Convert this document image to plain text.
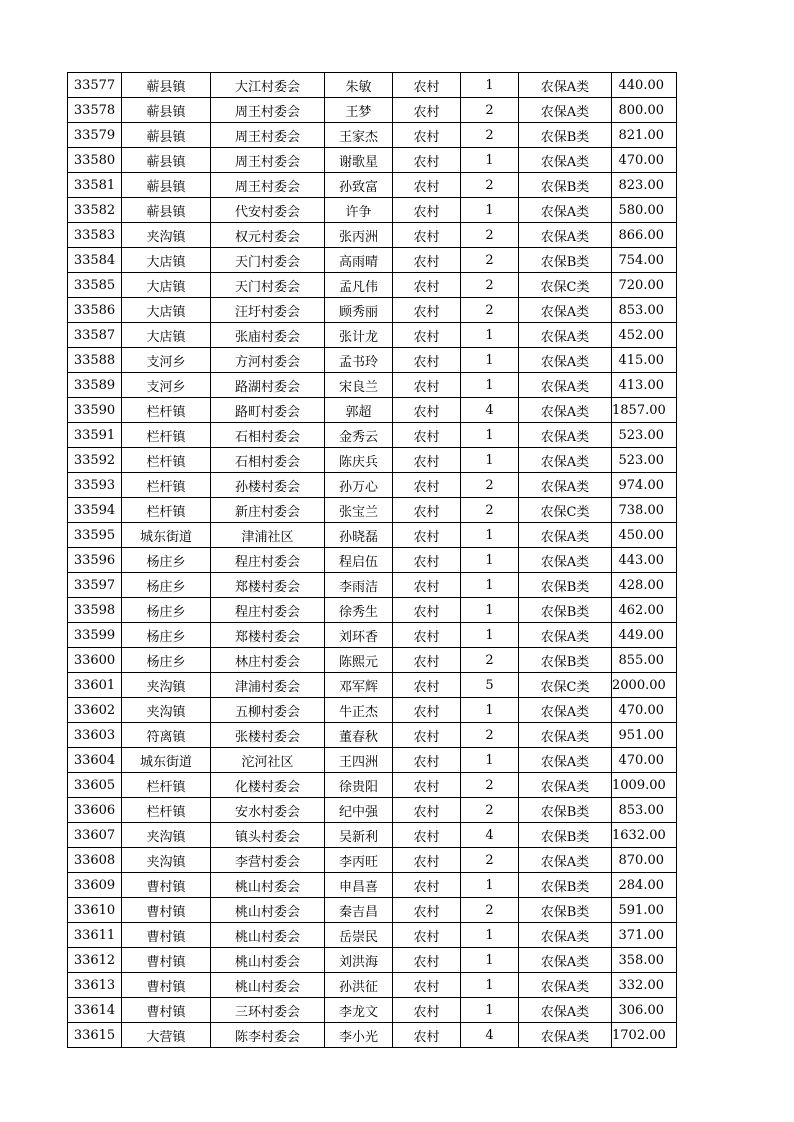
33577	蕲县镇	大江村委会	朱敏	农村	1	农保A类	440.00
33578	蕲县镇	周王村委会	王梦	农村	2	农保A类	800.00
33579	蕲县镇	周王村委会	王家杰	农村	2	农保B类	821.00
33580	蕲县镇	周王村委会	谢歌星	农村	1	农保A类	470.00
33581	蕲县镇	周王村委会	孙致富	农村	2	农保B类	823.00
33582	蕲县镇	代安村委会	许争	农村	1	农保A类	580.00
33583	夹沟镇	权元村委会	张丙洲	农村	2	农保A类	866.00
33584	大店镇	天门村委会	高雨晴	农村	2	农保B类	754.00
33585	大店镇	天门村委会	孟凡伟	农村	2	农保C类	720.00
33586	大店镇	汪圩村委会	顾秀丽	农村	2	农保A类	853.00
33587	大店镇	张庙村委会	张计龙	农村	1	农保A类	452.00
33588	支河乡	方河村委会	孟书玲	农村	1	农保A类	415.00
33589	支河乡	路湖村委会	宋良兰	农村	1	农保A类	413.00
33590	栏杆镇	路町村委会	郭超	农村	4	农保A类	1857.00
33591	栏杆镇	石相村委会	金秀云	农村	1	农保A类	523.00
33592	栏杆镇	石相村委会	陈庆兵	农村	1	农保A类	523.00
33593	栏杆镇	孙楼村委会	孙万心	农村	2	农保A类	974.00
33594	栏杆镇	新庄村委会	张宝兰	农村	2	农保C类	738.00
33595	城东街道	津浦社区	孙晓磊	农村	1	农保A类	450.00
33596	杨庄乡	程庄村委会	程启伍	农村	1	农保A类	443.00
33597	杨庄乡	郑楼村委会	李雨洁	农村	1	农保B类	428.00
33598	杨庄乡	程庄村委会	徐秀生	农村	1	农保B类	462.00
33599	杨庄乡	郑楼村委会	刘环香	农村	1	农保A类	449.00
33600	杨庄乡	林庄村委会	陈熙元	农村	2	农保B类	855.00
33601	夹沟镇	津浦村委会	邓军辉	农村	5	农保C类	2000.00
33602	夹沟镇	五柳村委会	牛正杰	农村	1	农保A类	470.00
33603	符离镇	张楼村委会	董春秋	农村	2	农保A类	951.00
33604	城东街道	沱河社区	王四洲	农村	1	农保A类	470.00
33605	栏杆镇	化楼村委会	徐贵阳	农村	2	农保A类	1009.00
33606	栏杆镇	安水村委会	纪中强	农村	2	农保B类	853.00
33607	夹沟镇	镇头村委会	吴新利	农村	4	农保B类	1632.00
33608	夹沟镇	李营村委会	李丙旺	农村	2	农保A类	870.00
33609	曹村镇	桃山村委会	申昌喜	农村	1	农保B类	284.00
33610	曹村镇	桃山村委会	秦吉昌	农村	2	农保B类	591.00
33611	曹村镇	桃山村委会	岳崇民	农村	1	农保A类	371.00
33612	曹村镇	桃山村委会	刘洪海	农村	1	农保A类	358.00
33613	曹村镇	桃山村委会	孙洪征	农村	1	农保A类	332.00
33614	曹村镇	三环村委会	李龙文	农村	1	农保A类	306.00
33615	大营镇	陈李村委会	李小光	农村	4	农保A类	1702.00
